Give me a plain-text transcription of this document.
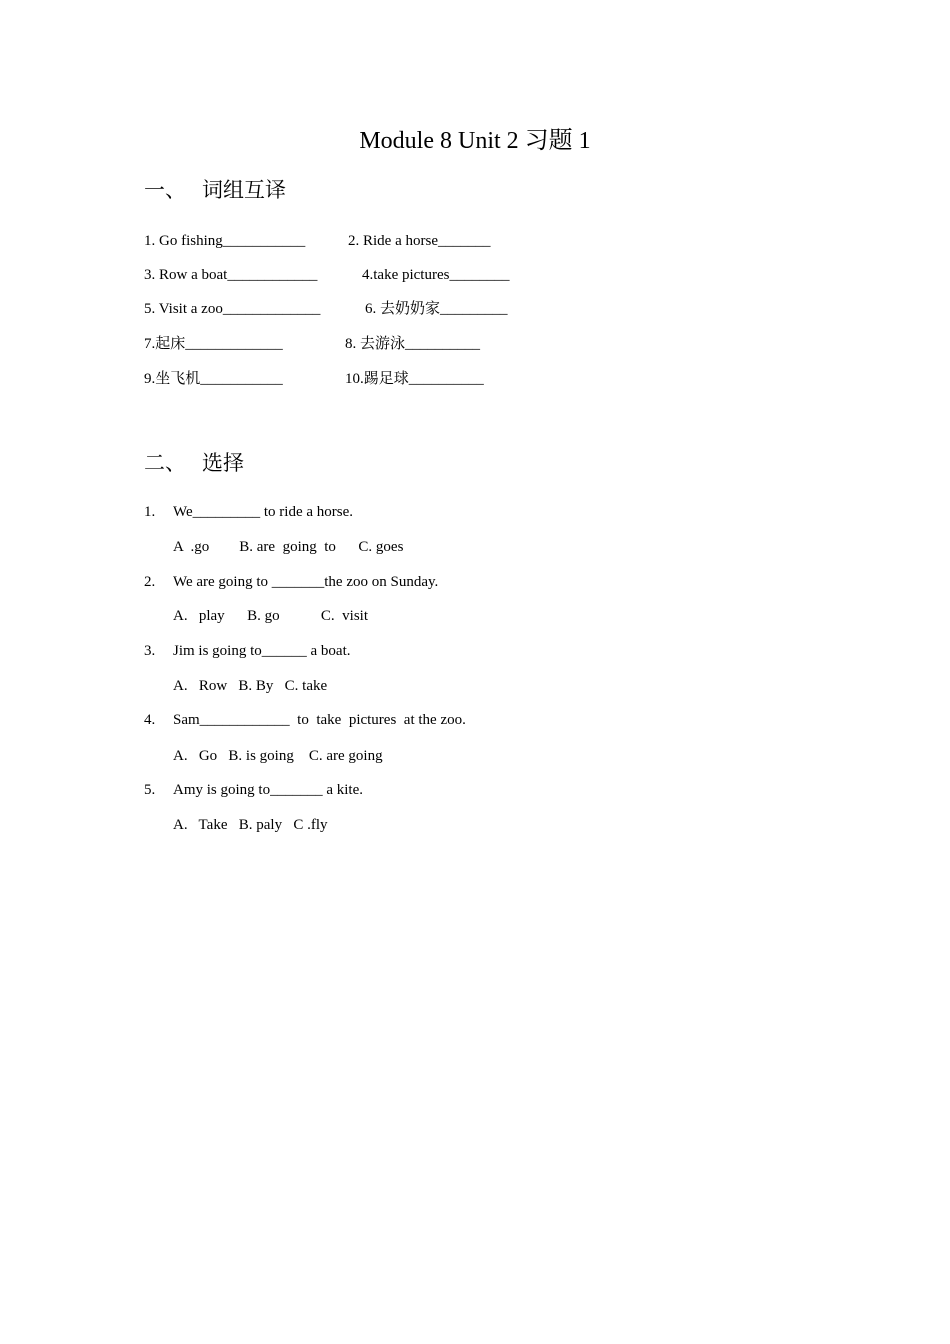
Module 8 Unit 2 习题 1
一、 词组互译
1. Go fishing___________	2. Ride a horse_______
3. Row a boat____________	4.take pictures________
5. Visit a zoo_____________	6. 去奶奶家_________
7.起床_____________	8. 去游泳__________
9.坐飞机___________	10.踢足球__________
二、 选择
1. We_________ to ride a horse.
A  .go        B. are  going  to      C. goes
2. We are going to _______the zoo on Sunday.
A.   play      B. go           C.  visit
3. Jim is going to______ a boat.
A.   Row   B. By   C. take
4. Sam____________  to  take  pictures  at the zoo.
A.   Go   B. is going    C. are going
5. Amy is going to_______ a kite.
A.   Take   B. paly   C .fly
